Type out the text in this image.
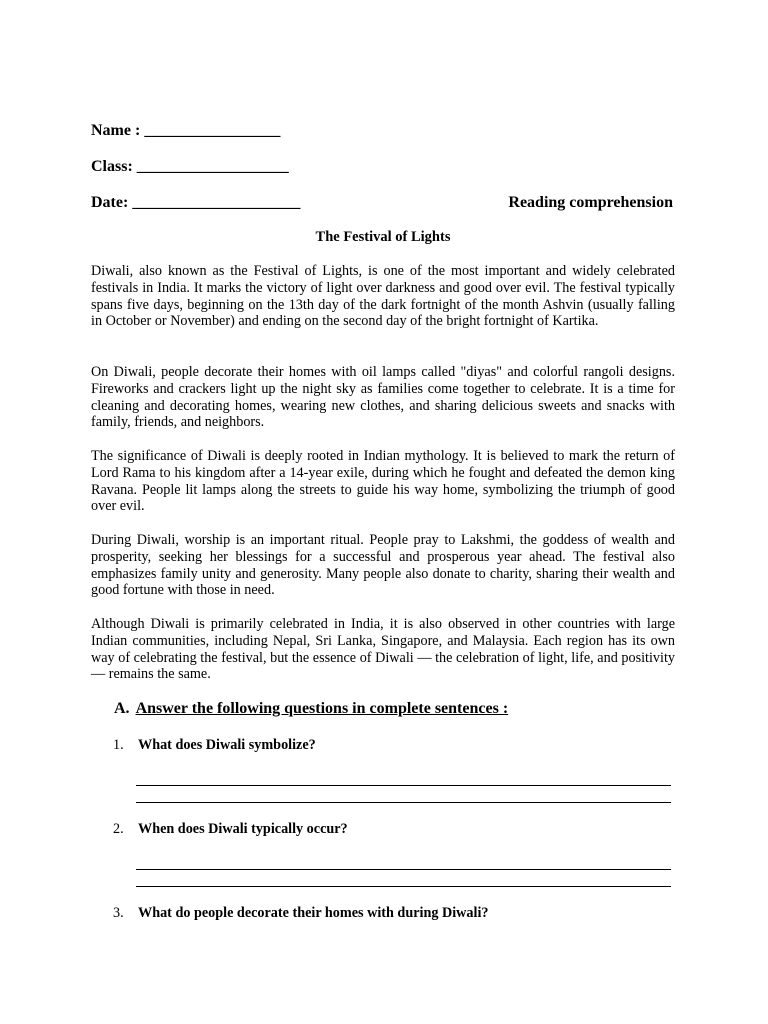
Name : _________________
Class: ___________________
Date: _____________________	Reading comprehension
The Festival of Lights

Diwali, also known as the Festival of Lights, is one of the most important and widely celebrated festivals in India. It marks the victory of light over darkness and good over evil. The festival typically spans five days, beginning on the 13th day of the dark fortnight of the month Ashvin (usually falling in October or November) and ending on the second day of the bright fortnight of Kartika.

On Diwali, people decorate their homes with oil lamps called "diyas" and colorful rangoli designs. Fireworks and crackers light up the night sky as families come together to celebrate. It is a time for cleaning and decorating homes, wearing new clothes, and sharing delicious sweets and snacks with family, friends, and neighbors.

The significance of Diwali is deeply rooted in Indian mythology. It is believed to mark the return of Lord Rama to his kingdom after a 14-year exile, during which he fought and defeated the demon king Ravana. People lit lamps along the streets to guide his way home, symbolizing the triumph of good over evil.

During Diwali, worship is an important ritual. People pray to Lakshmi, the goddess of wealth and prosperity, seeking her blessings for a successful and prosperous year ahead. The festival also emphasizes family unity and generosity. Many people also donate to charity, sharing their wealth and good fortune with those in need.

Although Diwali is primarily celebrated in India, it is also observed in other countries with large Indian communities, including Nepal, Sri Lanka, Singapore, and Malaysia. Each region has its own way of celebrating the festival, but the essence of Diwali — the celebration of light, life, and positivity — remains the same.

A. Answer the following questions in complete sentences :
1. What does Diwali symbolize?
2. When does Diwali typically occur?
3. What do people decorate their homes with during Diwali?
